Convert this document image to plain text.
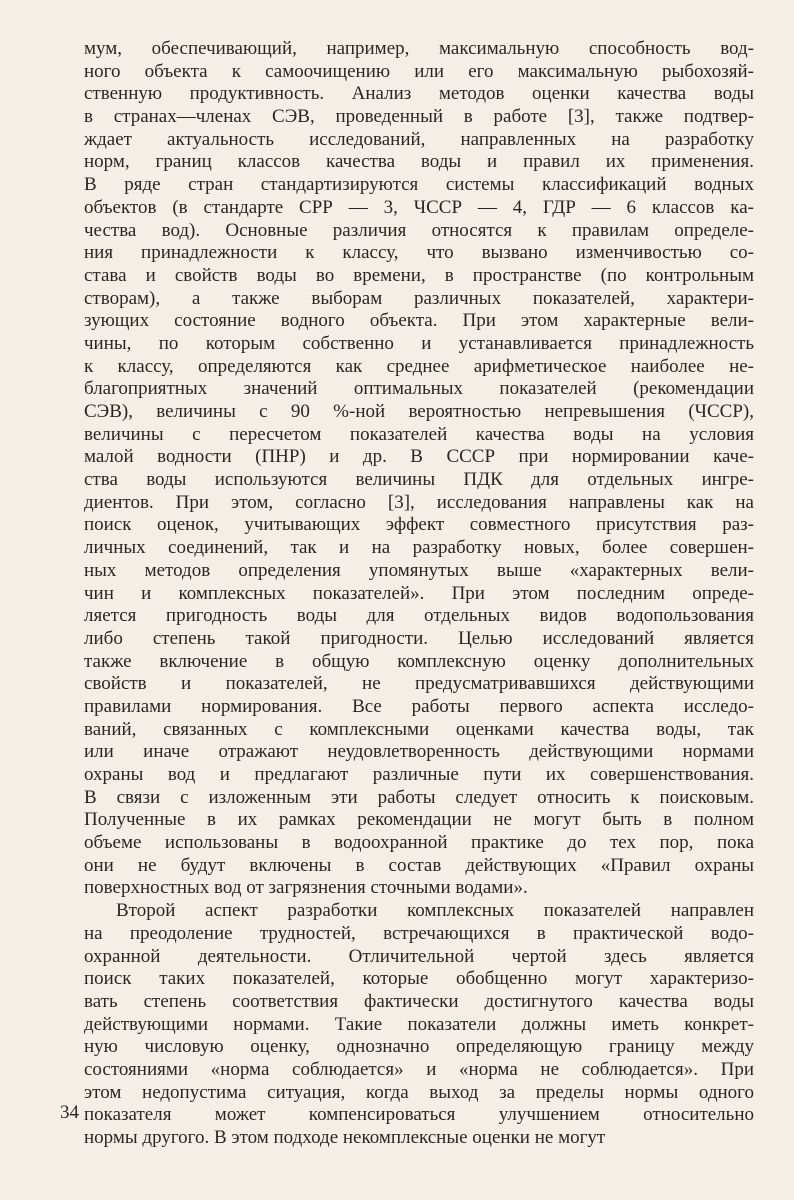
мум, обеспечивающий, например, максимальную способность вод-
ного объекта к самоочищению или его максимальную рыбохозяй-
ственную продуктивность. Анализ методов оценки качества воды
в странах—членах СЭВ, проведенный в работе [3], также подтвер-
ждает актуальность исследований, направленных на разработку
норм, границ классов качества воды и правил их применения.
В ряде стран стандартизируются системы классификаций водных
объектов (в стандарте СРР — 3, ЧССР — 4, ГДР — 6 классов ка-
чества вод). Основные различия относятся к правилам определе-
ния принадлежности к классу, что вызвано изменчивостью со-
става и свойств воды во времени, в пространстве (по контрольным
створам), а также выборам различных показателей, характери-
зующих состояние водного объекта. При этом характерные вели-
чины, по которым собственно и устанавливается принадлежность
к классу, определяются как среднее арифметическое наиболее не-
благоприятных значений оптимальных показателей (рекомендации
СЭВ), величины с 90 %-ной вероятностью непревышения (ЧССР),
величины с пересчетом показателей качества воды на условия
малой водности (ПНР) и др. В СССР при нормировании каче-
ства воды используются величины ПДК для отдельных ингре-
диентов. При этом, согласно [3], исследования направлены как на
поиск оценок, учитывающих эффект совместного присутствия раз-
личных соединений, так и на разработку новых, более совершен-
ных методов определения упомянутых выше «характерных вели-
чин и комплексных показателей». При этом последним опреде-
ляется пригодность воды для отдельных видов водопользования
либо степень такой пригодности. Целью исследований является
также включение в общую комплексную оценку дополнительных
свойств и показателей, не предусматривавшихся действующими
правилами нормирования. Все работы первого аспекта исследо-
ваний, связанных с комплексными оценками качества воды, так
или иначе отражают неудовлетворенность действующими нормами
охраны вод и предлагают различные пути их совершенствования.
В связи с изложенным эти работы следует относить к поисковым.
Полученные в их рамках рекомендации не могут быть в полном
объеме использованы в водоохранной практике до тех пор, пока
они не будут включены в состав действующих «Правил охраны
поверхностных вод от загрязнения сточными водами».
Второй аспект разработки комплексных показателей направлен
на преодоление трудностей, встречающихся в практической водо-
охранной деятельности. Отличительной чертой здесь является
поиск таких показателей, которые обобщенно могут характеризо-
вать степень соответствия фактически достигнутого качества воды
действующими нормами. Такие показатели должны иметь конкрет-
ную числовую оценку, однозначно определяющую границу между
состояниями «норма соблюдается» и «норма не соблюдается». При
этом недопустима ситуация, когда выход за пределы нормы одного
показателя может компенсироваться улучшением относительно
нормы другого. В этом подходе некомплексные оценки не могут
34
